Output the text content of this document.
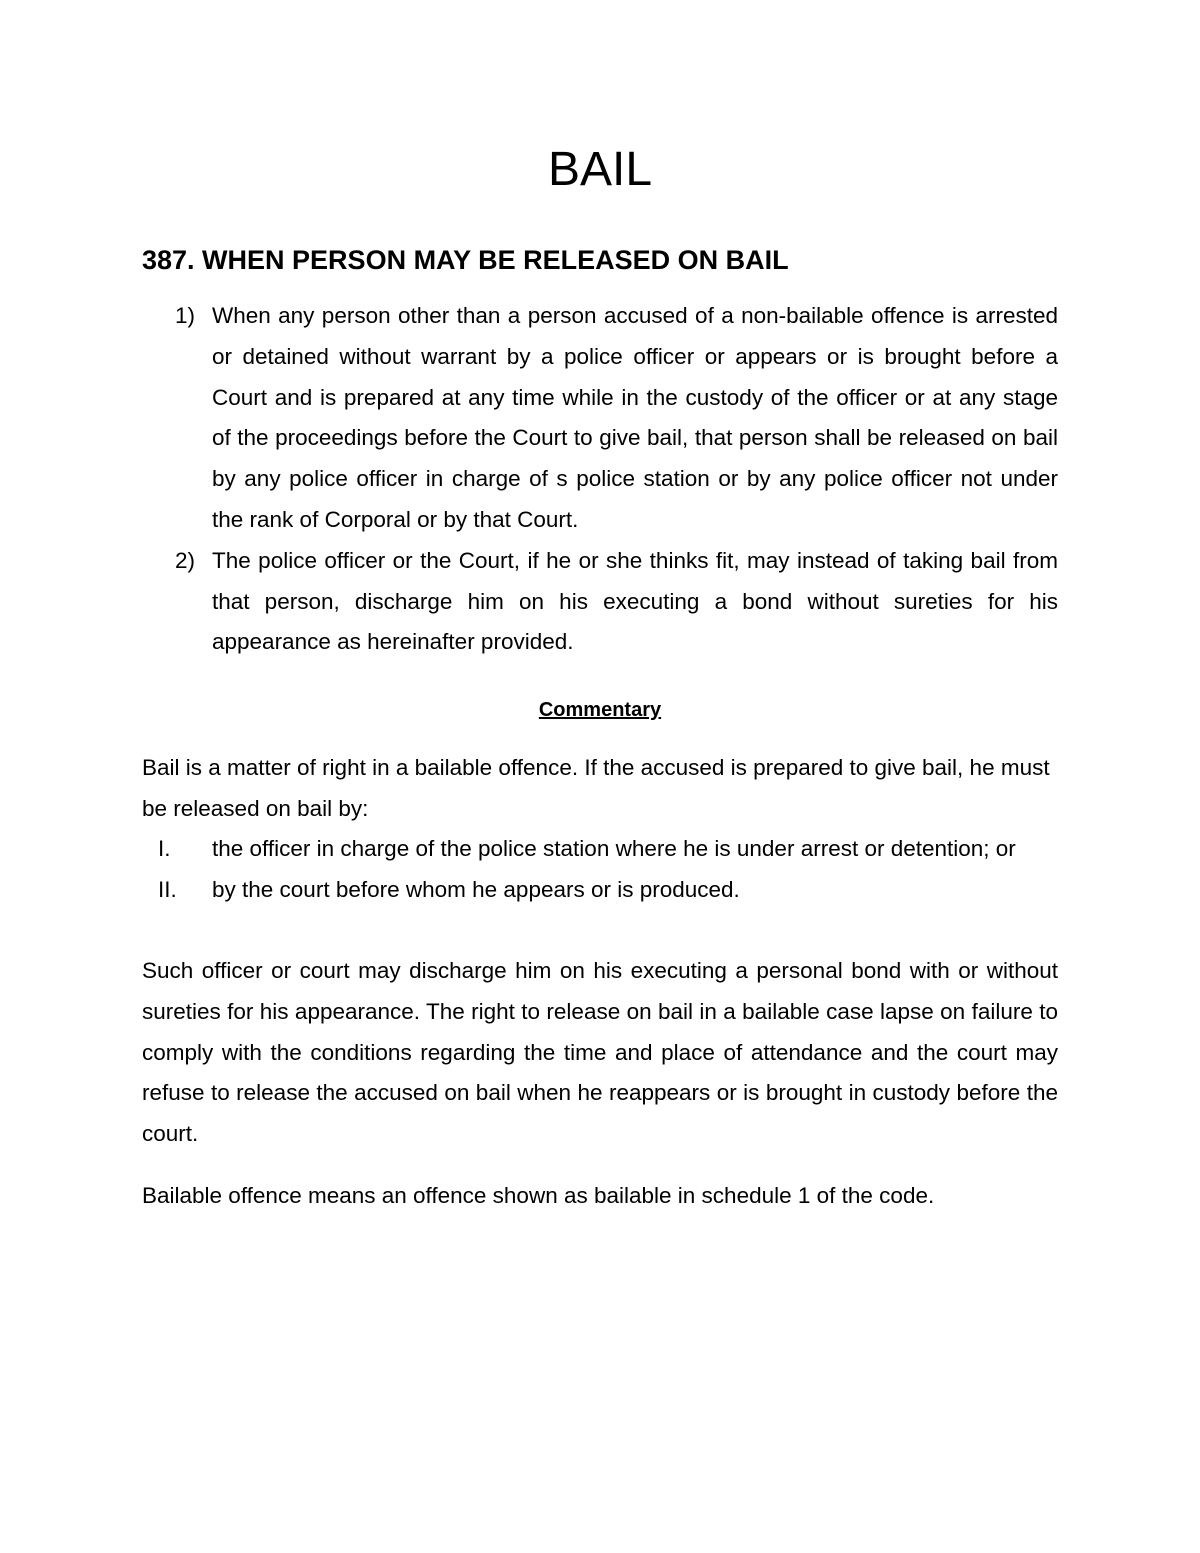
BAIL
387. WHEN PERSON MAY BE RELEASED ON BAIL
1) When any person other than a person accused of a non-bailable offence is arrested or detained without warrant by a police officer or appears or is brought before a Court and is prepared at any time while in the custody of the officer or at any stage of the proceedings before the Court to give bail, that person shall be released on bail by any police officer in charge of s police station or by any police officer not under the rank of Corporal or by that Court.
2) The police officer or the Court, if he or she thinks fit, may instead of taking bail from that person, discharge him on his executing a bond without sureties for his appearance as hereinafter provided.
Commentary

Bail is a matter of right in a bailable offence. If the accused is prepared to give bail, he must be released on bail by:

I. the officer in charge of the police station where he is under arrest or detention; or
II. by the court before whom he appears or is produced.

Such officer or court may discharge him on his executing a personal bond with or without sureties for his appearance. The right to release on bail in a bailable case lapse on failure to comply with the conditions regarding the time and place of attendance and the court may refuse to release the accused on bail when he reappears or is brought in custody before the court.

Bailable offence means an offence shown as bailable in schedule 1 of the code.
